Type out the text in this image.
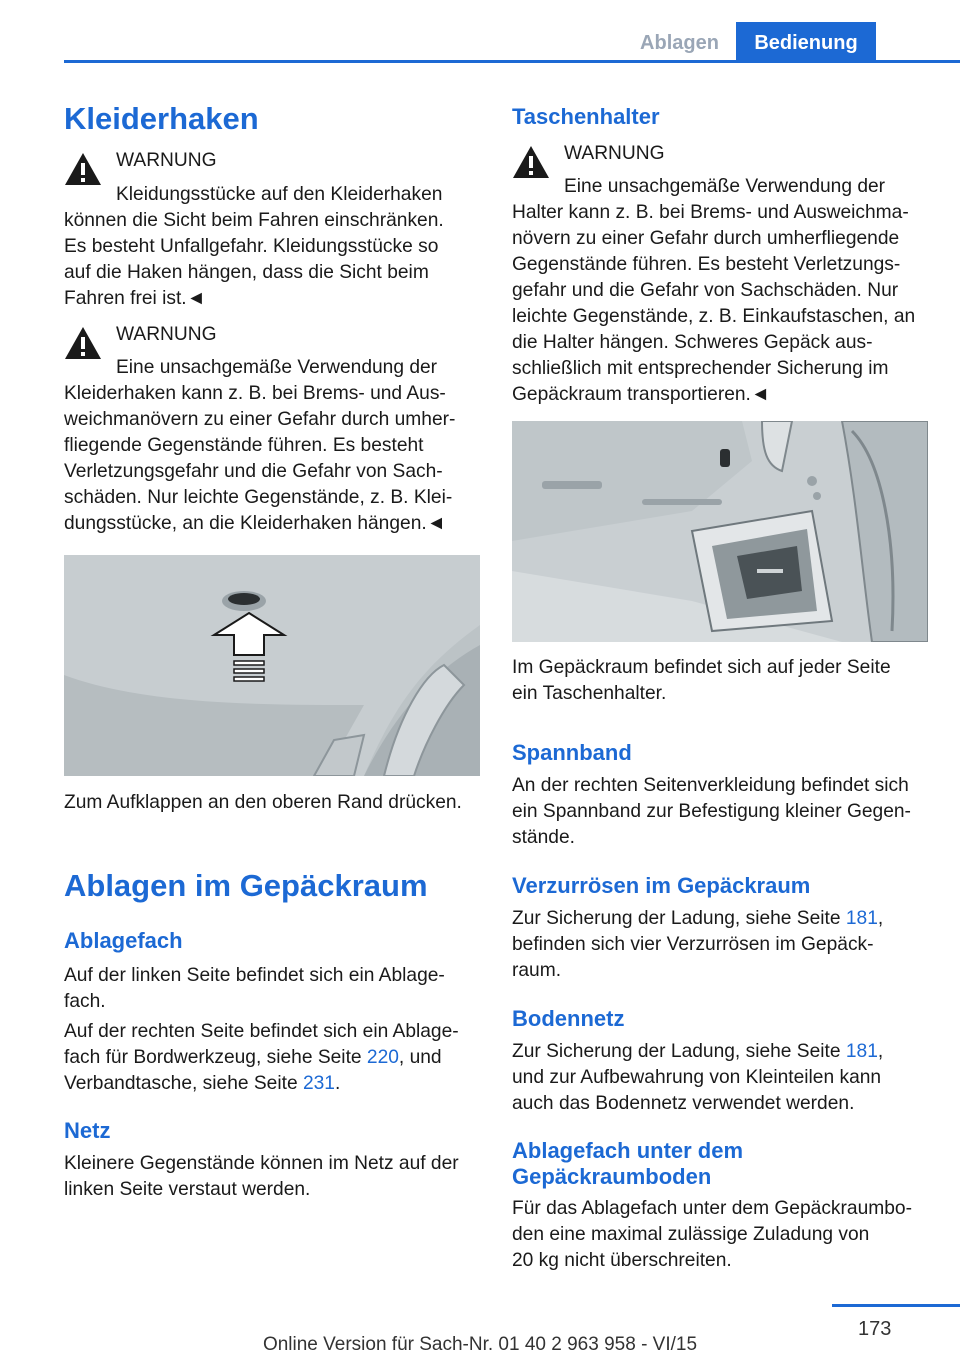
Ablagen	Bedienung
Kleiderhaken
WARNUNG
Kleidungsstücke auf den Kleiderhaken
können die Sicht beim Fahren einschränken.
Es besteht Unfallgefahr. Kleidungsstücke so
auf die Haken hängen, dass die Sicht beim
Fahren frei ist.◄
WARNUNG
Eine unsachgemäße Verwendung der
Kleiderhaken kann z. B. bei Brems- und Aus‐
weichmanövern zu einer Gefahr durch umher‐
fliegende Gegenstände führen. Es besteht
Verletzungsgefahr und die Gefahr von Sach‐
schäden. Nur leichte Gegenstände, z. B. Klei‐
dungsstücke, an die Kleiderhaken hängen.◄
Zum Aufklappen an den oberen Rand drücken.
Ablagen im Gepäckraum
Ablagefach
Auf der linken Seite befindet sich ein Ablage‐
fach.
Auf der rechten Seite befindet sich ein Ablage‐
fach für Bordwerkzeug, siehe Seite 220, und
Verbandtasche, siehe Seite 231.
Netz
Kleinere Gegenstände können im Netz auf der
linken Seite verstaut werden.
Taschenhalter
WARNUNG
Eine unsachgemäße Verwendung der
Halter kann z. B. bei Brems- und Ausweichma‐
növern zu einer Gefahr durch umherfliegende
Gegenstände führen. Es besteht Verletzungs‐
gefahr und die Gefahr von Sachschäden. Nur
leichte Gegenstände, z. B. Einkaufstaschen, an
die Halter hängen. Schweres Gepäck aus‐
schließlich mit entsprechender Sicherung im
Gepäckraum transportieren.◄
Im Gepäckraum befindet sich auf jeder Seite
ein Taschenhalter.
Spannband
An der rechten Seitenverkleidung befindet sich
ein Spannband zur Befestigung kleiner Gegen‐
stände.
Verzurrösen im Gepäckraum
Zur Sicherung der Ladung, siehe Seite 181,
befinden sich vier Verzurrösen im Gepäck‐
raum.
Bodennetz
Zur Sicherung der Ladung, siehe Seite 181,
und zur Aufbewahrung von Kleinteilen kann
auch das Bodennetz verwendet werden.
Ablagefach unter dem
Gepäckraumboden
Für das Ablagefach unter dem Gepäckraumbo‐
den eine maximal zulässige Zuladung von
20 kg nicht überschreiten.
173
Online Version für Sach-Nr. 01 40 2 963 958 - VI/15
